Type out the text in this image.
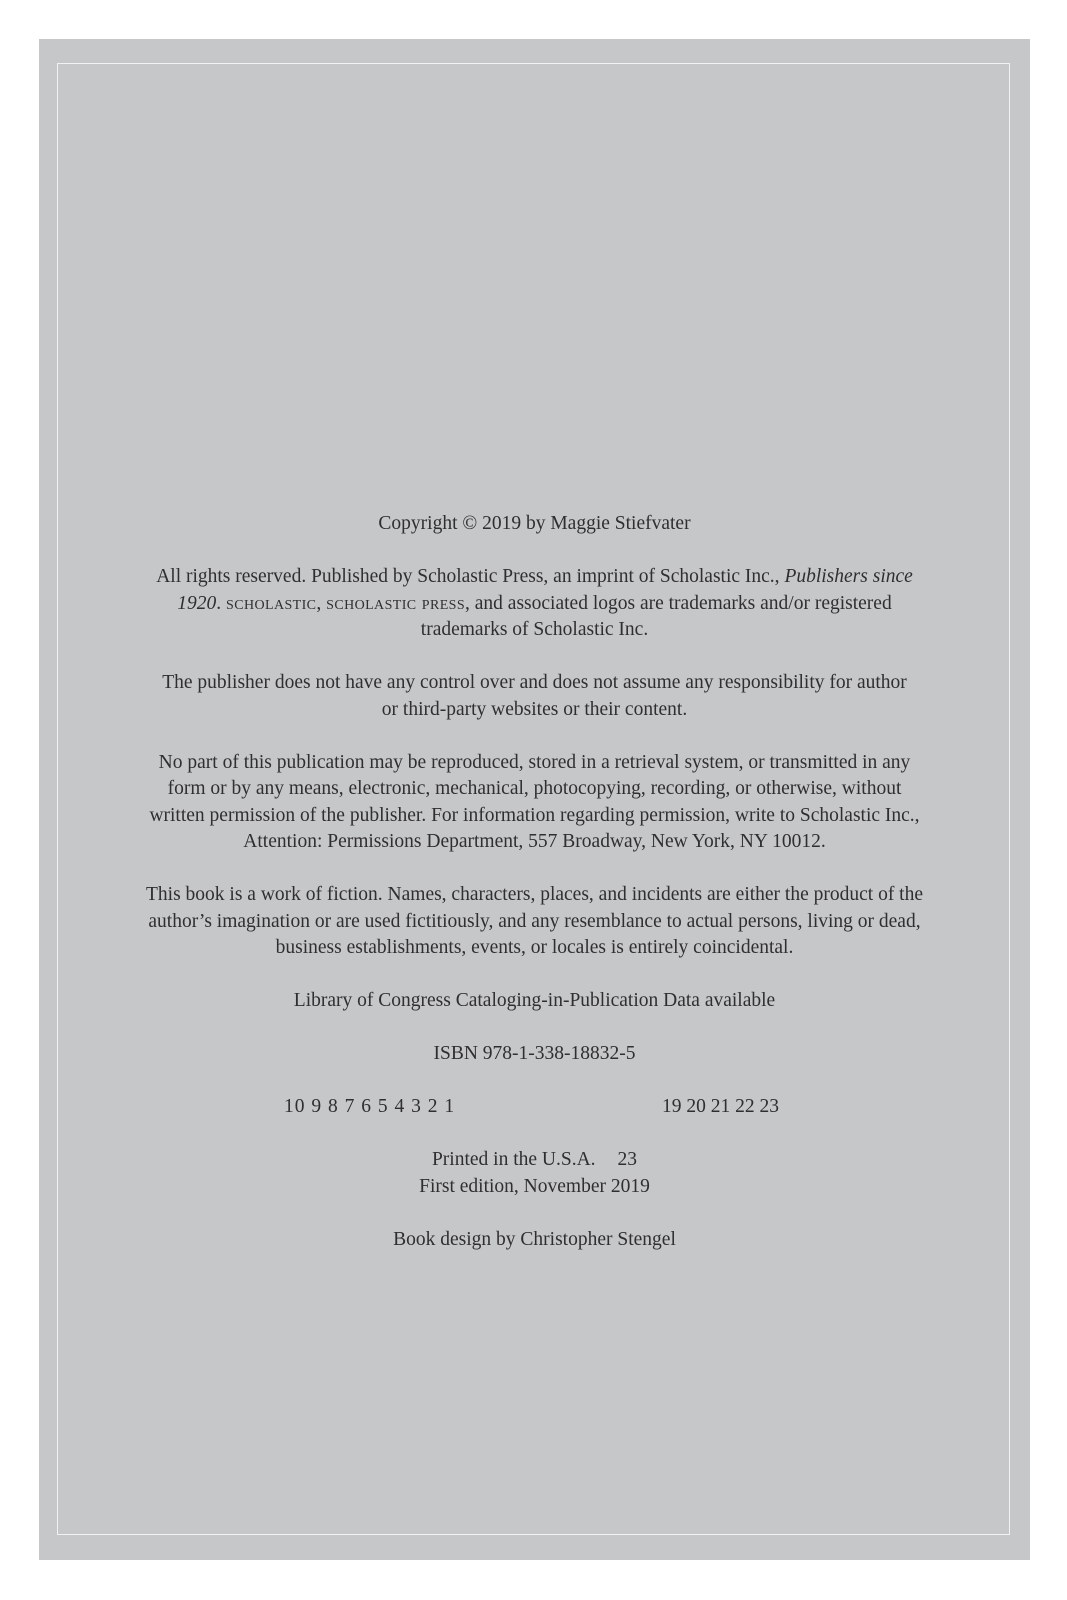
Copyright © 2019 by Maggie Stiefvater

All rights reserved. Published by Scholastic Press, an imprint of Scholastic Inc., Publishers since 1920. scholastic, scholastic press, and associated logos are trademarks and/or registered trademarks of Scholastic Inc.

The publisher does not have any control over and does not assume any responsibility for author or third-party websites or their content.

No part of this publication may be reproduced, stored in a retrieval system, or transmitted in any form or by any means, electronic, mechanical, photocopying, recording, or otherwise, without written permission of the publisher. For information regarding permission, write to Scholastic Inc., Attention: Permissions Department, 557 Broadway, New York, NY 10012.

This book is a work of fiction. Names, characters, places, and incidents are either the product of the author’s imagination or are used fictitiously, and any resemblance to actual persons, living or dead, business establishments, events, or locales is entirely coincidental.

Library of Congress Cataloging-in-Publication Data available

ISBN 978-1-338-18832-5

10 9 8 7 6 5 4 3 2 1	19 20 21 22 23

Printed in the U.S.A. 23
First edition, November 2019

Book design by Christopher Stengel
